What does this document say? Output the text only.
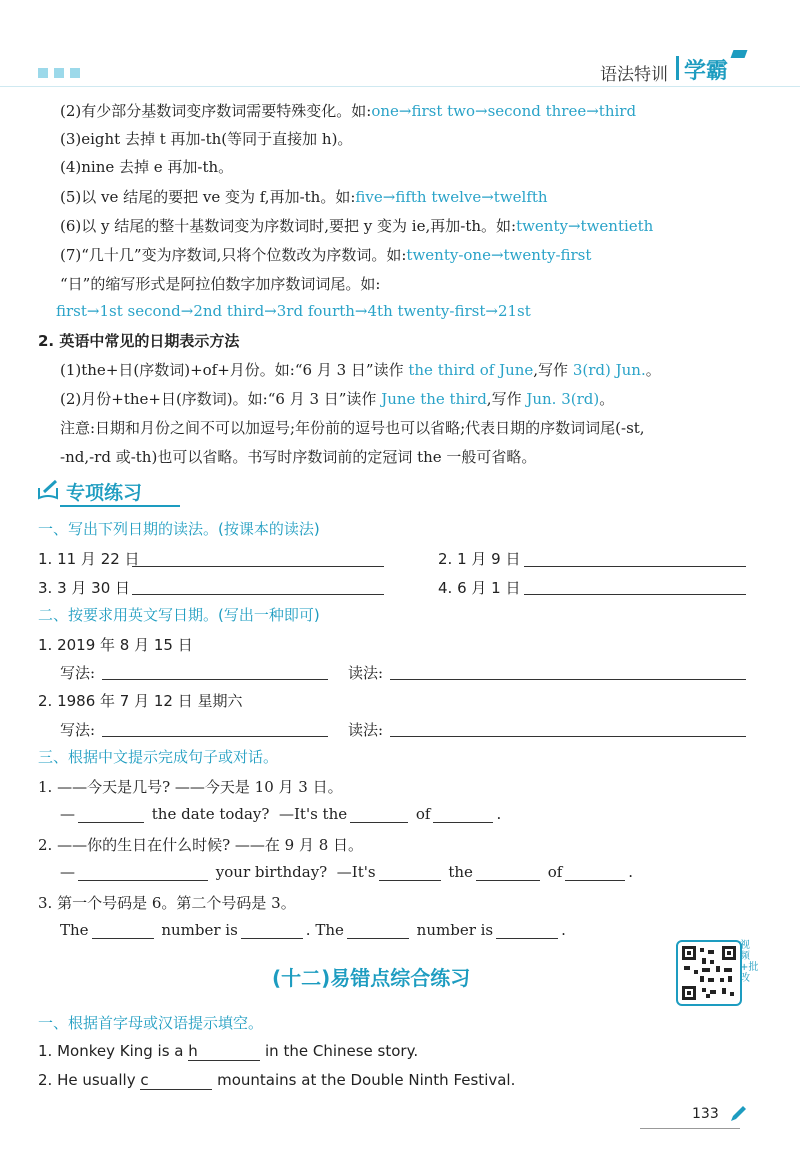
语法特训 学霸
(2)有少部分基数词变序数词需要特殊变化。如:one→first two→second three→third
(3)eight 去掉 t 再加-th(等同于直接加 h)。
(4)nine 去掉 e 再加-th。
(5)以 ve 结尾的要把 ve 变为 f,再加-th。如:five→fifth twelve→twelfth
(6)以 y 结尾的整十基数词变为序数词时,要把 y 变为 ie,再加-th。如:twenty→twentieth
(7)“几十几”变为序数词,只将个位数改为序数词。如:twenty-one→twenty-first
“日”的缩写形式是阿拉伯数字加序数词词尾。如:
first→1st second→2nd third→3rd fourth→4th twenty-first→21st
2. 英语中常见的日期表示方法
(1)the+日(序数词)+of+月份。如:“6 月 3 日”读作 the third of June,写作 3(rd) Jun.。
(2)月份+the+日(序数词)。如:“6 月 3 日”读作 June the third,写作 Jun. 3(rd)。
注意:日期和月份之间不可以加逗号;年份前的逗号也可以省略;代表日期的序数词词尾(-st,
-nd,-rd 或-th)也可以省略。书写时序数词前的定冠词 the 一般可省略。
专项练习
一、写出下列日期的读法。(按课本的读法)
1. 11 月 22 日	2. 1 月 9 日
3. 3 月 30 日	4. 6 月 1 日
二、按要求用英文写日期。(写出一种即可)
1. 2019 年 8 月 15 日
写法:	读法:
2. 1986 年 7 月 12 日 星期六
写法:	读法:
三、根据中文提示完成句子或对话。
1. ——今天是几号? ——今天是 10 月 3 日。
—	the date today? —It's the	of	.
2. ——你的生日在什么时候? ——在 9 月 8 日。
—	your birthday? —It's	the	of	.
3. 第一个号码是 6。第二个号码是 3。
The	number is	. The	number is	.
(十二)易错点综合练习
视频+批改
一、根据首字母或汉语提示填空。
1. Monkey King is a h	in the Chinese story.
2. He usually c	mountains at the Double Ninth Festival.
133
